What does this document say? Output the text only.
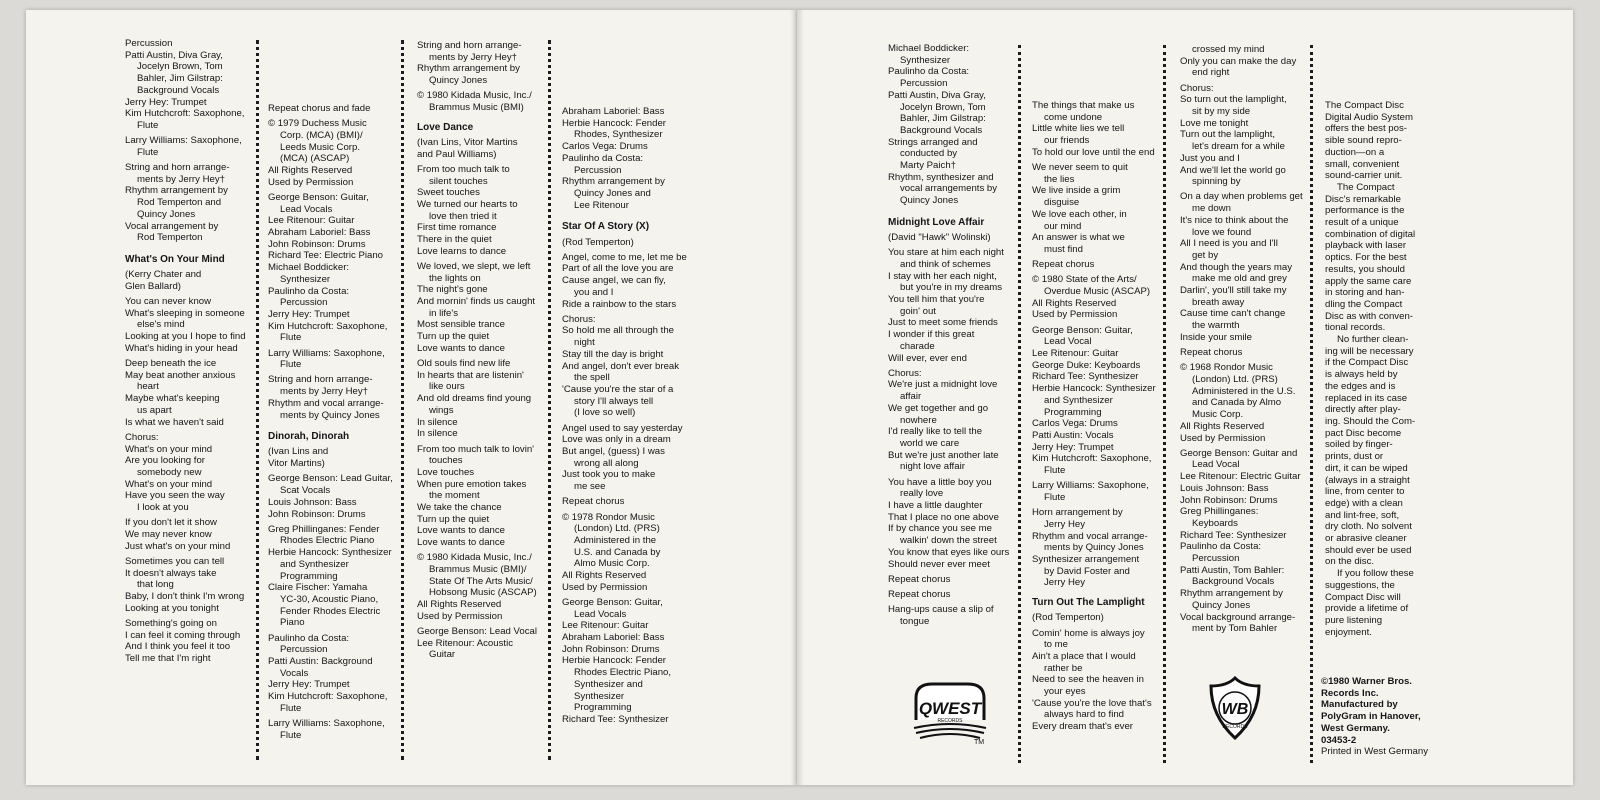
Percussion
Patti Austin, Diva Gray,
Jocelyn Brown, Tom
Bahler, Jim Gilstrap:
Background Vocals
Jerry Hey: Trumpet
Kim Hutchcroft: Saxophone,
Flute
Larry Williams: Saxophone,
Flute
String and horn arrange-
ments by Jerry Hey†
Rhythm arrangement by
Rod Temperton and
Quincy Jones
Vocal arrangement by
Rod Temperton
What's On Your Mind
(Kerry Chater and
Glen Ballard)
You can never know
What's sleeping in someone
else's mind
Looking at you I hope to find
What's hiding in your head
Deep beneath the ice
May beat another anxious
heart
Maybe what's keeping
us apart
Is what we haven't said
Chorus:
What's on your mind
Are you looking for
somebody new
What's on your mind
Have you seen the way
I look at you
If you don't let it show
We may never know
Just what's on your mind
Sometimes you can tell
It doesn't always take
that long
Baby, I don't think I'm wrong
Looking at you tonight
Something's going on
I can feel it coming through
And I think you feel it too
Tell me that I'm right
Repeat chorus and fade
© 1979 Duchess Music
Corp. (MCA) (BMI)/
Leeds Music Corp.
(MCA) (ASCAP)
All Rights Reserved
Used by Permission
George Benson: Guitar,
Lead Vocals
Lee Ritenour: Guitar
Abraham Laboriel: Bass
John Robinson: Drums
Richard Tee: Electric Piano
Michael Boddicker:
Synthesizer
Paulinho da Costa:
Percussion
Jerry Hey: Trumpet
Kim Hutchcroft: Saxophone,
Flute
Larry Williams: Saxophone,
Flute
String and horn arrange-
ments by Jerry Hey†
Rhythm and vocal arrange-
ments by Quincy Jones
Dinorah, Dinorah
(Ivan Lins and
Vitor Martins)
George Benson: Lead Guitar,
Scat Vocals
Louis Johnson: Bass
John Robinson: Drums
Greg Phillinganes: Fender
Rhodes Electric Piano
Herbie Hancock: Synthesizer
and Synthesizer
Programming
Claire Fischer: Yamaha
YC-30, Acoustic Piano,
Fender Rhodes Electric
Piano
Paulinho da Costa:
Percussion
Patti Austin: Background
Vocals
Jerry Hey: Trumpet
Kim Hutchcroft: Saxophone,
Flute
Larry Williams: Saxophone,
Flute
String and horn arrange-
ments by Jerry Hey†
Rhythm arrangement by
Quincy Jones
© 1980 Kidada Music, Inc./
Brammus Music (BMI)
Love Dance
(Ivan Lins, Vitor Martins
and Paul Williams)
From too much talk to
silent touches
Sweet touches
We turned our hearts to
love then tried it
First time romance
There in the quiet
Love learns to dance
We loved, we slept, we left
the lights on
The night's gone
And mornin' finds us caught
in life's
Most sensible trance
Turn up the quiet
Love wants to dance
Old souls find new life
In hearts that are listenin'
like ours
And old dreams find young
wings
In silence
In silence
From too much talk to lovin'
touches
Love touches
When pure emotion takes
the moment
We take the chance
Turn up the quiet
Love wants to dance
Love wants to dance
© 1980 Kidada Music, Inc./
Brammus Music (BMI)/
State Of The Arts Music/
Hobsong Music (ASCAP)
All Rights Reserved
Used by Permission
George Benson: Lead Vocal
Lee Ritenour: Acoustic
Guitar
Abraham Laboriel: Bass
Herbie Hancock: Fender
Rhodes, Synthesizer
Carlos Vega: Drums
Paulinho da Costa:
Percussion
Rhythm arrangement by
Quincy Jones and
Lee Ritenour
Star Of A Story (X)
(Rod Temperton)
Angel, come to me, let me be
Part of all the love you are
Cause angel, we can fly,
you and I
Ride a rainbow to the stars
Chorus:
So hold me all through the
night
Stay till the day is bright
And angel, don't ever break
the spell
'Cause you're the star of a
story I'll always tell
(I love so well)
Angel used to say yesterday
Love was only in a dream
But angel, (guess) I was
wrong all along
Just took you to make
me see
Repeat chorus
© 1978 Rondor Music
(London) Ltd. (PRS)
Administered in the
U.S. and Canada by
Almo Music Corp.
All Rights Reserved
Used by Permission
George Benson: Guitar,
Lead Vocals
Lee Ritenour: Guitar
Abraham Laboriel: Bass
John Robinson: Drums
Herbie Hancock: Fender
Rhodes Electric Piano,
Synthesizer and
Synthesizer
Programming
Richard Tee: Synthesizer
Michael Boddicker:
Synthesizer
Paulinho da Costa:
Percussion
Patti Austin, Diva Gray,
Jocelyn Brown, Tom
Bahler, Jim Gilstrap:
Background Vocals
Strings arranged and
conducted by
Marty Paich†
Rhythm, synthesizer and
vocal arrangements by
Quincy Jones
Midnight Love Affair
(David "Hawk" Wolinski)
You stare at him each night
and think of schemes
I stay with her each night,
but you're in my dreams
You tell him that you're
goin' out
Just to meet some friends
I wonder if this great
charade
Will ever, ever end
Chorus:
We're just a midnight love
affair
We get together and go
nowhere
I'd really like to tell the
world we care
But we're just another late
night love affair
You have a little boy you
really love
I have a little daughter
That I place no one above
If by chance you see me
walkin' down the street
You know that eyes like ours
Should never ever meet
Repeat chorus
Repeat chorus
Hang-ups cause a slip of
tongue
The things that make us
come undone
Little white lies we tell
our friends
To hold our love until the end
We never seem to quit
the lies
We live inside a grim
disguise
We love each other, in
our mind
An answer is what we
must find
Repeat chorus
© 1980 State of the Arts/
Overdue Music (ASCAP)
All Rights Reserved
Used by Permission
George Benson: Guitar,
Lead Vocal
Lee Ritenour: Guitar
George Duke: Keyboards
Richard Tee: Synthesizer
Herbie Hancock: Synthesizer
and Synthesizer
Programming
Carlos Vega: Drums
Patti Austin: Vocals
Jerry Hey: Trumpet
Kim Hutchcroft: Saxophone,
Flute
Larry Williams: Saxophone,
Flute
Horn arrangement by
Jerry Hey
Rhythm and vocal arrange-
ments by Quincy Jones
Synthesizer arrangement
by David Foster and
Jerry Hey
Turn Out The Lamplight
(Rod Temperton)
Comin' home is always joy
to me
Ain't a place that I would
rather be
Need to see the heaven in
your eyes
'Cause you're the love that's
always hard to find
Every dream that's ever
crossed my mind
Only you can make the day
end right
Chorus:
So turn out the lamplight,
sit by my side
Love me tonight
Turn out the lamplight,
let's dream for a while
Just you and I
And we'll let the world go
spinning by
On a day when problems get
me down
It's nice to think about the
love we found
All I need is you and I'll
get by
And though the years may
make me old and grey
Darlin', you'll still take my
breath away
Cause time can't change
the warmth
Inside your smile
Repeat chorus
© 1968 Rondor Music
(London) Ltd. (PRS)
Administered in the U.S.
and Canada by Almo
Music Corp.
All Rights Reserved
Used by Permission
George Benson: Guitar and
Lead Vocal
Lee Ritenour: Electric Guitar
Louis Johnson: Bass
John Robinson: Drums
Greg Phillinganes:
Keyboards
Richard Tee: Synthesizer
Paulinho da Costa:
Percussion
Patti Austin, Tom Bahler:
Background Vocals
Rhythm arrangement by
Quincy Jones
Vocal background arrange-
ment by Tom Bahler
The Compact Disc
Digital Audio System
offers the best pos-
sible sound repro-
duction—on a
small, convenient
sound-carrier unit.
The Compact
Disc's remarkable
performance is the
result of a unique
combination of digital
playback with laser
optics. For the best
results, you should
apply the same care
in storing and han-
dling the Compact
Disc as with conven-
tional records.
No further clean-
ing will be necessary
if the Compact Disc
is always held by
the edges and is
replaced in its case
directly after play-
ing. Should the Com-
pact Disc become
soiled by finger-
prints, dust or
dirt, it can be wiped
(always in a straight
line, from center to
edge) with a clean
and lint-free, soft,
dry cloth. No solvent
or abrasive cleaner
should ever be used
on the disc.
If you follow these
suggestions, the
Compact Disc will
provide a lifetime of
pure listening
enjoyment.
©1980 Warner Bros.
Records Inc.
Manufactured by
PolyGram in Hanover,
West Germany.
03453-2
Printed in West Germany
QWEST
RECORDS
TM
WB
RECORDS
